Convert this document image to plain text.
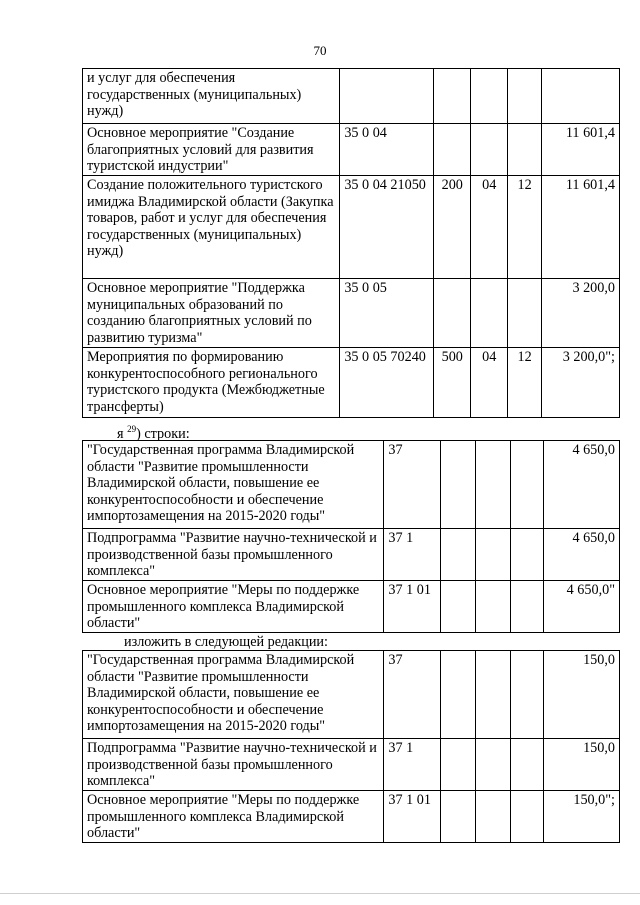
70
и услуг для обеспечения государственных (муниципальных) нужд)					
Основное мероприятие "Создание благоприятных условий для развития туристской индустрии"	35 0 04				11 601,4
Создание положительного туристского имиджа Владимирской области (Закупка товаров, работ и услуг для обеспечения государственных (муниципальных) нужд)	35 0 04 21050	200	04	12	11 601,4
Основное мероприятие "Поддержка муниципальных образований по созданию благоприятных условий по развитию туризма"	35 0 05				3 200,0
Мероприятия по формированию конкурентоспособного регионального туристского продукта (Межбюджетные трансферты)	35 0 05 70240	500	04	12	3 200,0";
я $^{29}$) строки:
"Государственная программа Владимирской области "Развитие промышленности Владимирской области, повышение ее конкурентоспособности и обеспечение импортозамещения на 2015-2020 годы"	37				4 650,0
Подпрограмма "Развитие научно-технической и производственной базы промышленного комплекса"	37 1				4 650,0
Основное мероприятие "Меры по поддержке промышленного комплекса Владимирской области"	37 1 01				4 650,0"
изложить в следующей редакции:
"Государственная программа Владимирской области "Развитие промышленности Владимирской области, повышение ее конкурентоспособности и обеспечение импортозамещения на 2015-2020 годы"	37				150,0
Подпрограмма "Развитие научно-технической и производственной базы промышленного комплекса"	37 1				150,0
Основное мероприятие "Меры по поддержке промышленного комплекса Владимирской области"	37 1 01				150,0";
